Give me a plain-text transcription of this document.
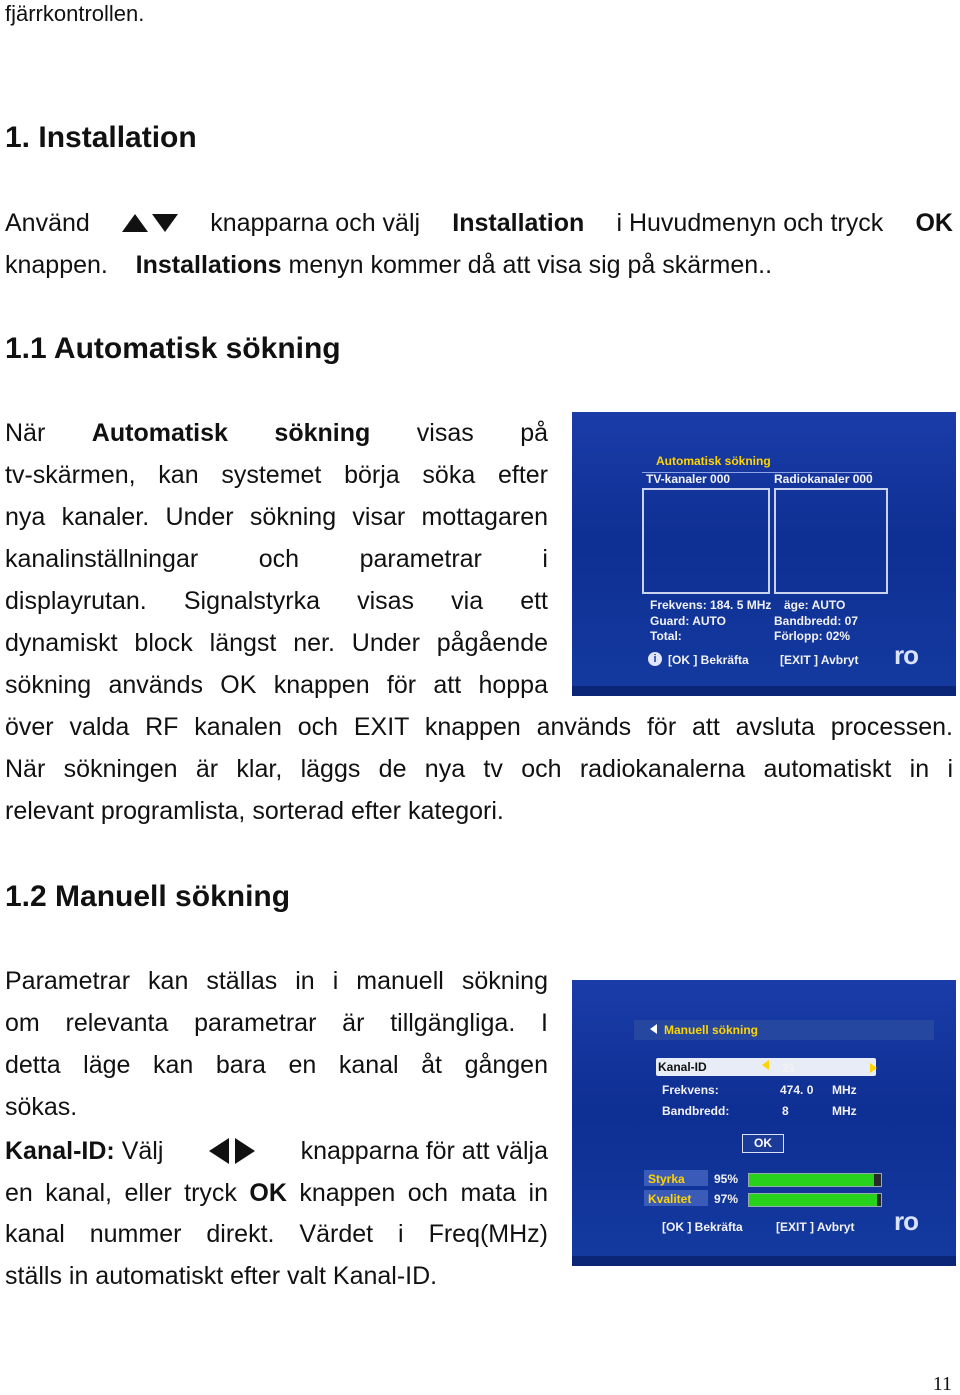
fjärrkontrollen.
1. Installation
Använd	knapparna och välj Installation i Huvudmenyn och tryck OK
knappen. Installations menyn kommer då att visa sig på skärmen..
1.1 Automatisk sökning
När Automatisk sökning visas på
tv-skärmen, kan systemet börja söka efter
nya kanaler. Under sökning visar mottagaren
kanalinställningar och parametrar i
displayrutan. Signalstyrka visas via ett
dynamiskt block längst ner. Under pågående
sökning används OK knappen för att hoppa
över valda RF kanalen och EXIT knappen används för att avsluta processen.
När sökningen är klar, läggs de nya tv och radiokanalerna automatiskt in i
relevant programlista, sorterad efter kategori.
Automatisk sökning
TV-kanaler 000	Radiokanaler 000
Frekvens: 184. 5 MHz äge: AUTO
Guard: AUTO	Bandbredd: 07
Total:	Förlopp: 02%
i [OK ] Bekräfta	[EXIT ] Avbryt ro
1.2 Manuell sökning
Parametrar kan ställas in i manuell sökning
om relevanta parametrar är tillgängliga. I
detta läge kan bara en kanal åt gången
sökas.
Kanal-ID: Välj	knapparna för att välja
en kanal, eller tryck OK knappen och mata in
kanal nummer direkt. Värdet i Freq(MHz)
ställs in automatiskt efter valt Kanal-ID.
Manuell sökning
Kanal-ID	21
Frekvens:	474. 0 MHz
Bandbredd:	8	MHz
OK
Styrka 95%
Kvalitet 97%
[OK ] Bekräfta	[EXIT ] Avbryt ro
11
